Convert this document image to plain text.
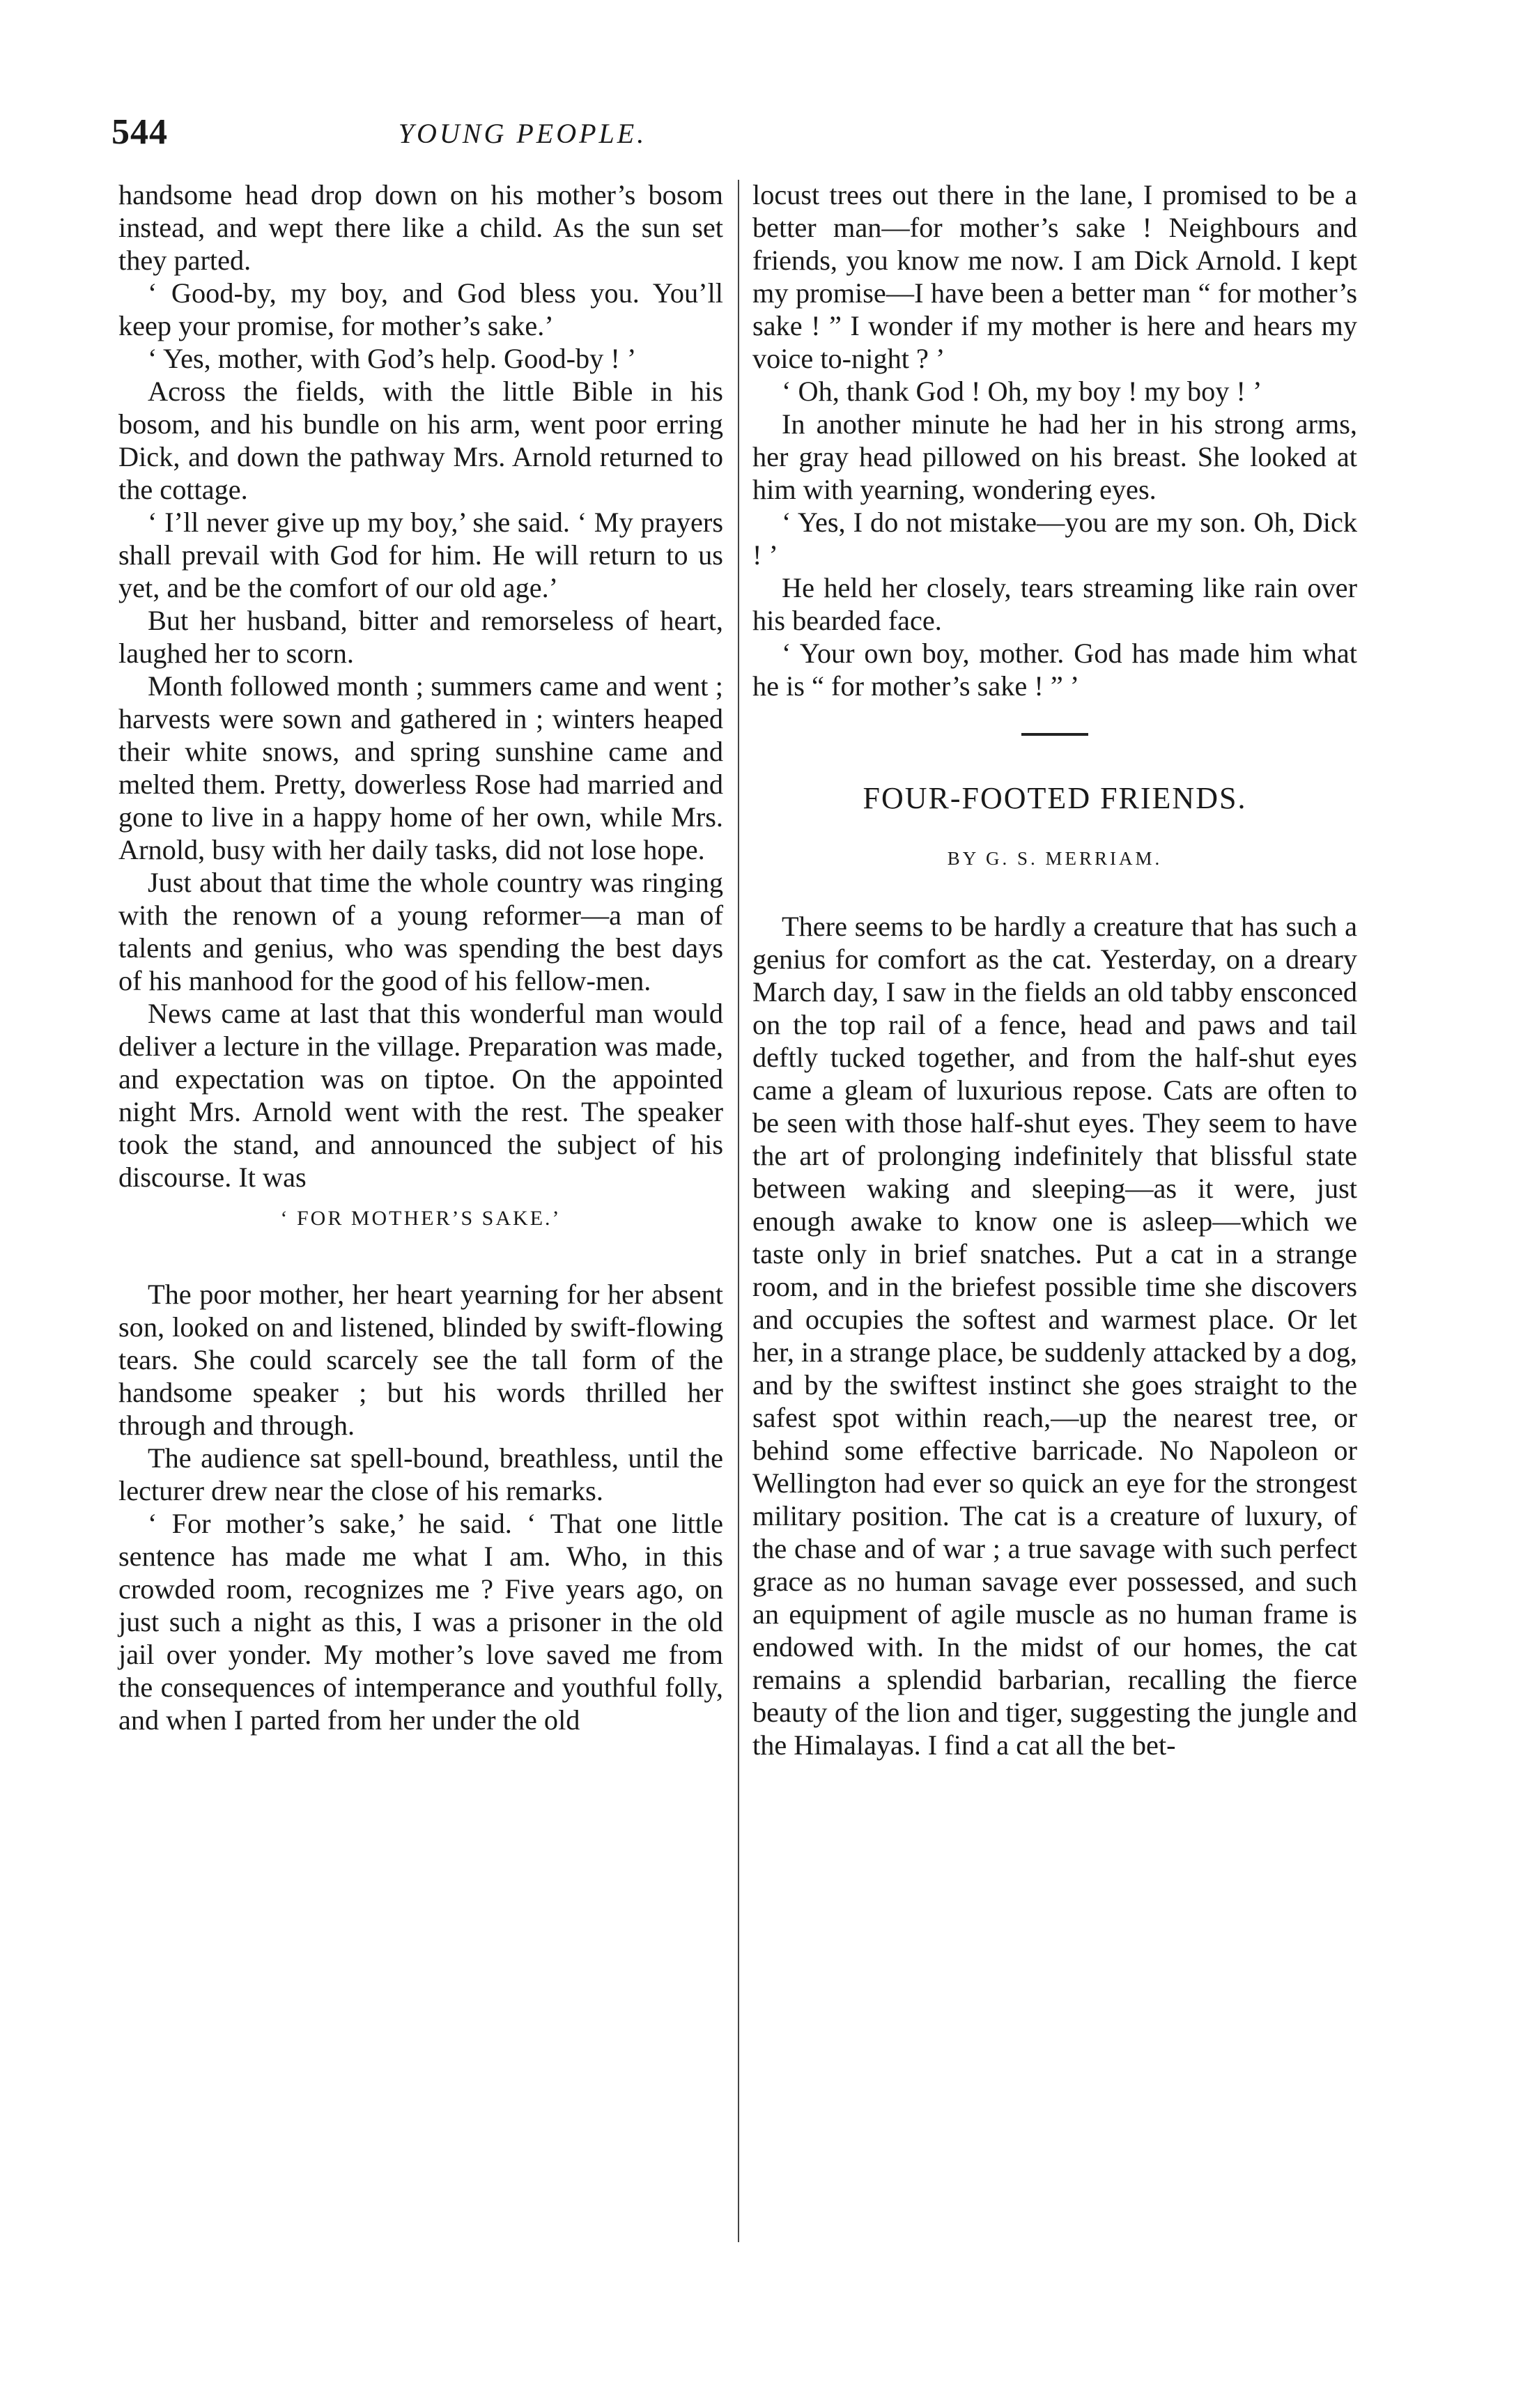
544	YOUNG PEOPLE.

handsome head drop down on his mother’s bosom instead, and wept there like a child. As the sun set they parted.

‘ Good-by, my boy, and God bless you. You’ll keep your promise, for mother’s sake.’

‘ Yes, mother, with God’s help. Good-by ! ’

Across the fields, with the little Bible in his bosom, and his bundle on his arm, went poor erring Dick, and down the pathway Mrs. Arnold returned to the cottage.

‘ I’ll never give up my boy,’ she said. ‘ My prayers shall prevail with God for him. He will return to us yet, and be the comfort of our old age.’

But her husband, bitter and remorseless of heart, laughed her to scorn.

Month followed month ; summers came and went ; harvests were sown and gathered in ; winters heaped their white snows, and spring sunshine came and melted them. Pretty, dowerless Rose had married and gone to live in a happy home of her own, while Mrs. Arnold, busy with her daily tasks, did not lose hope.

Just about that time the whole country was ringing with the renown of a young reformer—a man of talents and genius, who was spending the best days of his manhood for the good of his fellow-men.

News came at last that this wonderful man would deliver a lecture in the village. Preparation was made, and expectation was on tiptoe. On the appointed night Mrs. Arnold went with the rest. The speaker took the stand, and announced the subject of his discourse. It was

‘ FOR MOTHER’S SAKE.’

The poor mother, her heart yearning for her absent son, looked on and listened, blinded by swift-flowing tears. She could scarcely see the tall form of the handsome speaker ; but his words thrilled her through and through.

The audience sat spell-bound, breathless, until the lecturer drew near the close of his remarks.

‘ For mother’s sake,’ he said. ‘ That one little sentence has made me what I am. Who, in this crowded room, recognizes me ? Five years ago, on just such a night as this, I was a prisoner in the old jail over yonder. My mother’s love saved me from the consequences of intemperance and youthful folly, and when I parted from her under the old

locust trees out there in the lane, I promised to be a better man—for mother’s sake ! Neighbours and friends, you know me now. I am Dick Arnold. I kept my promise—I have been a better man “ for mother’s sake ! ” I wonder if my mother is here and hears my voice to-night ? ’

‘ Oh, thank God ! Oh, my boy ! my boy ! ’

In another minute he had her in his strong arms, her gray head pillowed on his breast. She looked at him with yearning, wondering eyes.

‘ Yes, I do not mistake—you are my son. Oh, Dick ! ’

He held her closely, tears streaming like rain over his bearded face.

‘ Your own boy, mother. God has made him what he is “ for mother’s sake ! ” ’

FOUR-FOOTED FRIENDS.
BY G. S. MERRIAM.

There seems to be hardly a creature that has such a genius for comfort as the cat. Yesterday, on a dreary March day, I saw in the fields an old tabby ensconced on the top rail of a fence, head and paws and tail deftly tucked together, and from the half-shut eyes came a gleam of luxurious repose. Cats are often to be seen with those half-shut eyes. They seem to have the art of prolonging indefinitely that blissful state between waking and sleeping—as it were, just enough awake to know one is asleep—which we taste only in brief snatches. Put a cat in a strange room, and in the briefest possible time she discovers and occupies the softest and warmest place. Or let her, in a strange place, be suddenly attacked by a dog, and by the swiftest instinct she goes straight to the safest spot within reach,—up the nearest tree, or behind some effective barricade. No Napoleon or Wellington had ever so quick an eye for the strongest military position. The cat is a creature of luxury, of the chase and of war ; a true savage with such perfect grace as no human savage ever possessed, and such an equipment of agile muscle as no human frame is endowed with. In the midst of our homes, the cat remains a splendid barbarian, recalling the fierce beauty of the lion and tiger, suggesting the jungle and the Himalayas. I find a cat all the bet-
